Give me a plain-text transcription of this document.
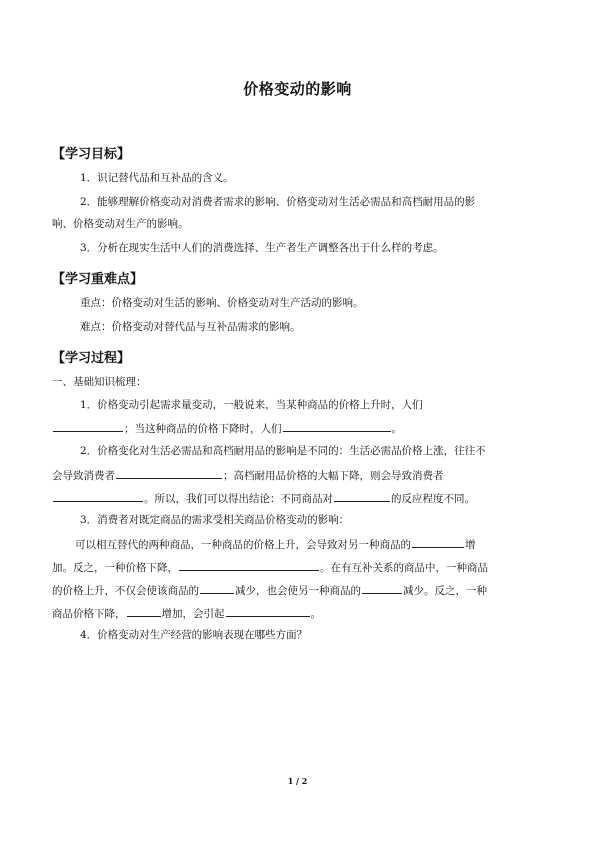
价格变动的影响
【学习目标】
1．识记替代品和互补品的含义。
2．能够理解价格变动对消费者需求的影响、价格变动对生活必需品和高档耐用品的影
响、价格变动对生产的影响。
3．分析在现实生活中人们的消费选择、生产者生产调整各出于什么样的考虑。
【学习重难点】
重点：价格变动对生活的影响、价格变动对生产活动的影响。
难点：价格变动对替代品与互补品需求的影响。
【学习过程】
一、基础知识梳理：
1．价格变动引起需求量变动，一般说来，当某种商品的价格上升时，人们
；当这种商品的价格下降时，人们	。
2．价格变化对生活必需品和高档耐用品的影响是不同的：生活必需品价格上涨，往往不
会导致消费者	；高档耐用品价格的大幅下降，则会导致消费者
。所以，我们可以得出结论：不同商品对	的反应程度不同。
3．消费者对既定商品的需求受相关商品价格变动的影响：
可以相互替代的两种商品，一种商品的价格上升，会导致对另一种商品的	增
加。反之，一种价格下降，	。在有互补关系的商品中，一种商品
的价格上升，不仅会使该商品的	减少，也会使另一种商品的	减少。反之，一种
商品价格下降，	增加，会引起	。
4．价格变动对生产经营的影响表现在哪些方面？
1 / 2
